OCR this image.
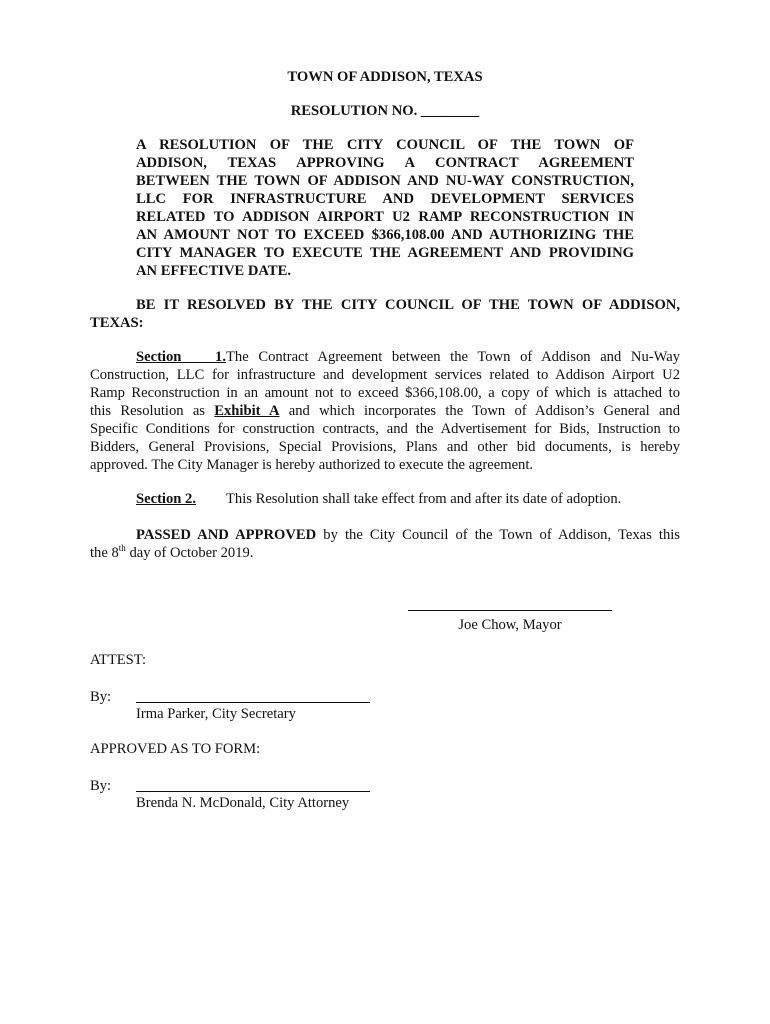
TOWN OF ADDISON, TEXAS
RESOLUTION NO. ________
A RESOLUTION OF THE CITY COUNCIL OF THE TOWN OF
ADDISON, TEXAS APPROVING A CONTRACT AGREEMENT
BETWEEN THE TOWN OF ADDISON AND NU-WAY CONSTRUCTION,
LLC FOR INFRASTRUCTURE AND DEVELOPMENT SERVICES
RELATED TO ADDISON AIRPORT U2 RAMP RECONSTRUCTION IN
AN AMOUNT NOT TO EXCEED $366,108.00 AND AUTHORIZING THE
CITY MANAGER TO EXECUTE THE AGREEMENT AND PROVIDING
AN EFFECTIVE DATE.
BE IT RESOLVED BY THE CITY COUNCIL OF THE TOWN OF ADDISON,
TEXAS:
Section 1.The Contract Agreement between the Town of Addison and Nu-Way
Construction, LLC for infrastructure and development services related to Addison Airport U2
Ramp Reconstruction in an amount not to exceed $366,108.00, a copy of which is attached to
this Resolution as Exhibit A and which incorporates the Town of Addison’s General and
Specific Conditions for construction contracts, and the Advertisement for Bids, Instruction to
Bidders, General Provisions, Special Provisions, Plans and other bid documents, is hereby
approved. The City Manager is hereby authorized to execute the agreement.
Section 2. This Resolution shall take effect from and after its date of adoption.
PASSED AND APPROVED by the City Council of the Town of Addison, Texas this
the 8th day of October 2019.
Joe Chow, Mayor
ATTEST:
By:
Irma Parker, City Secretary
APPROVED AS TO FORM:
By:
Brenda N. McDonald, City Attorney
